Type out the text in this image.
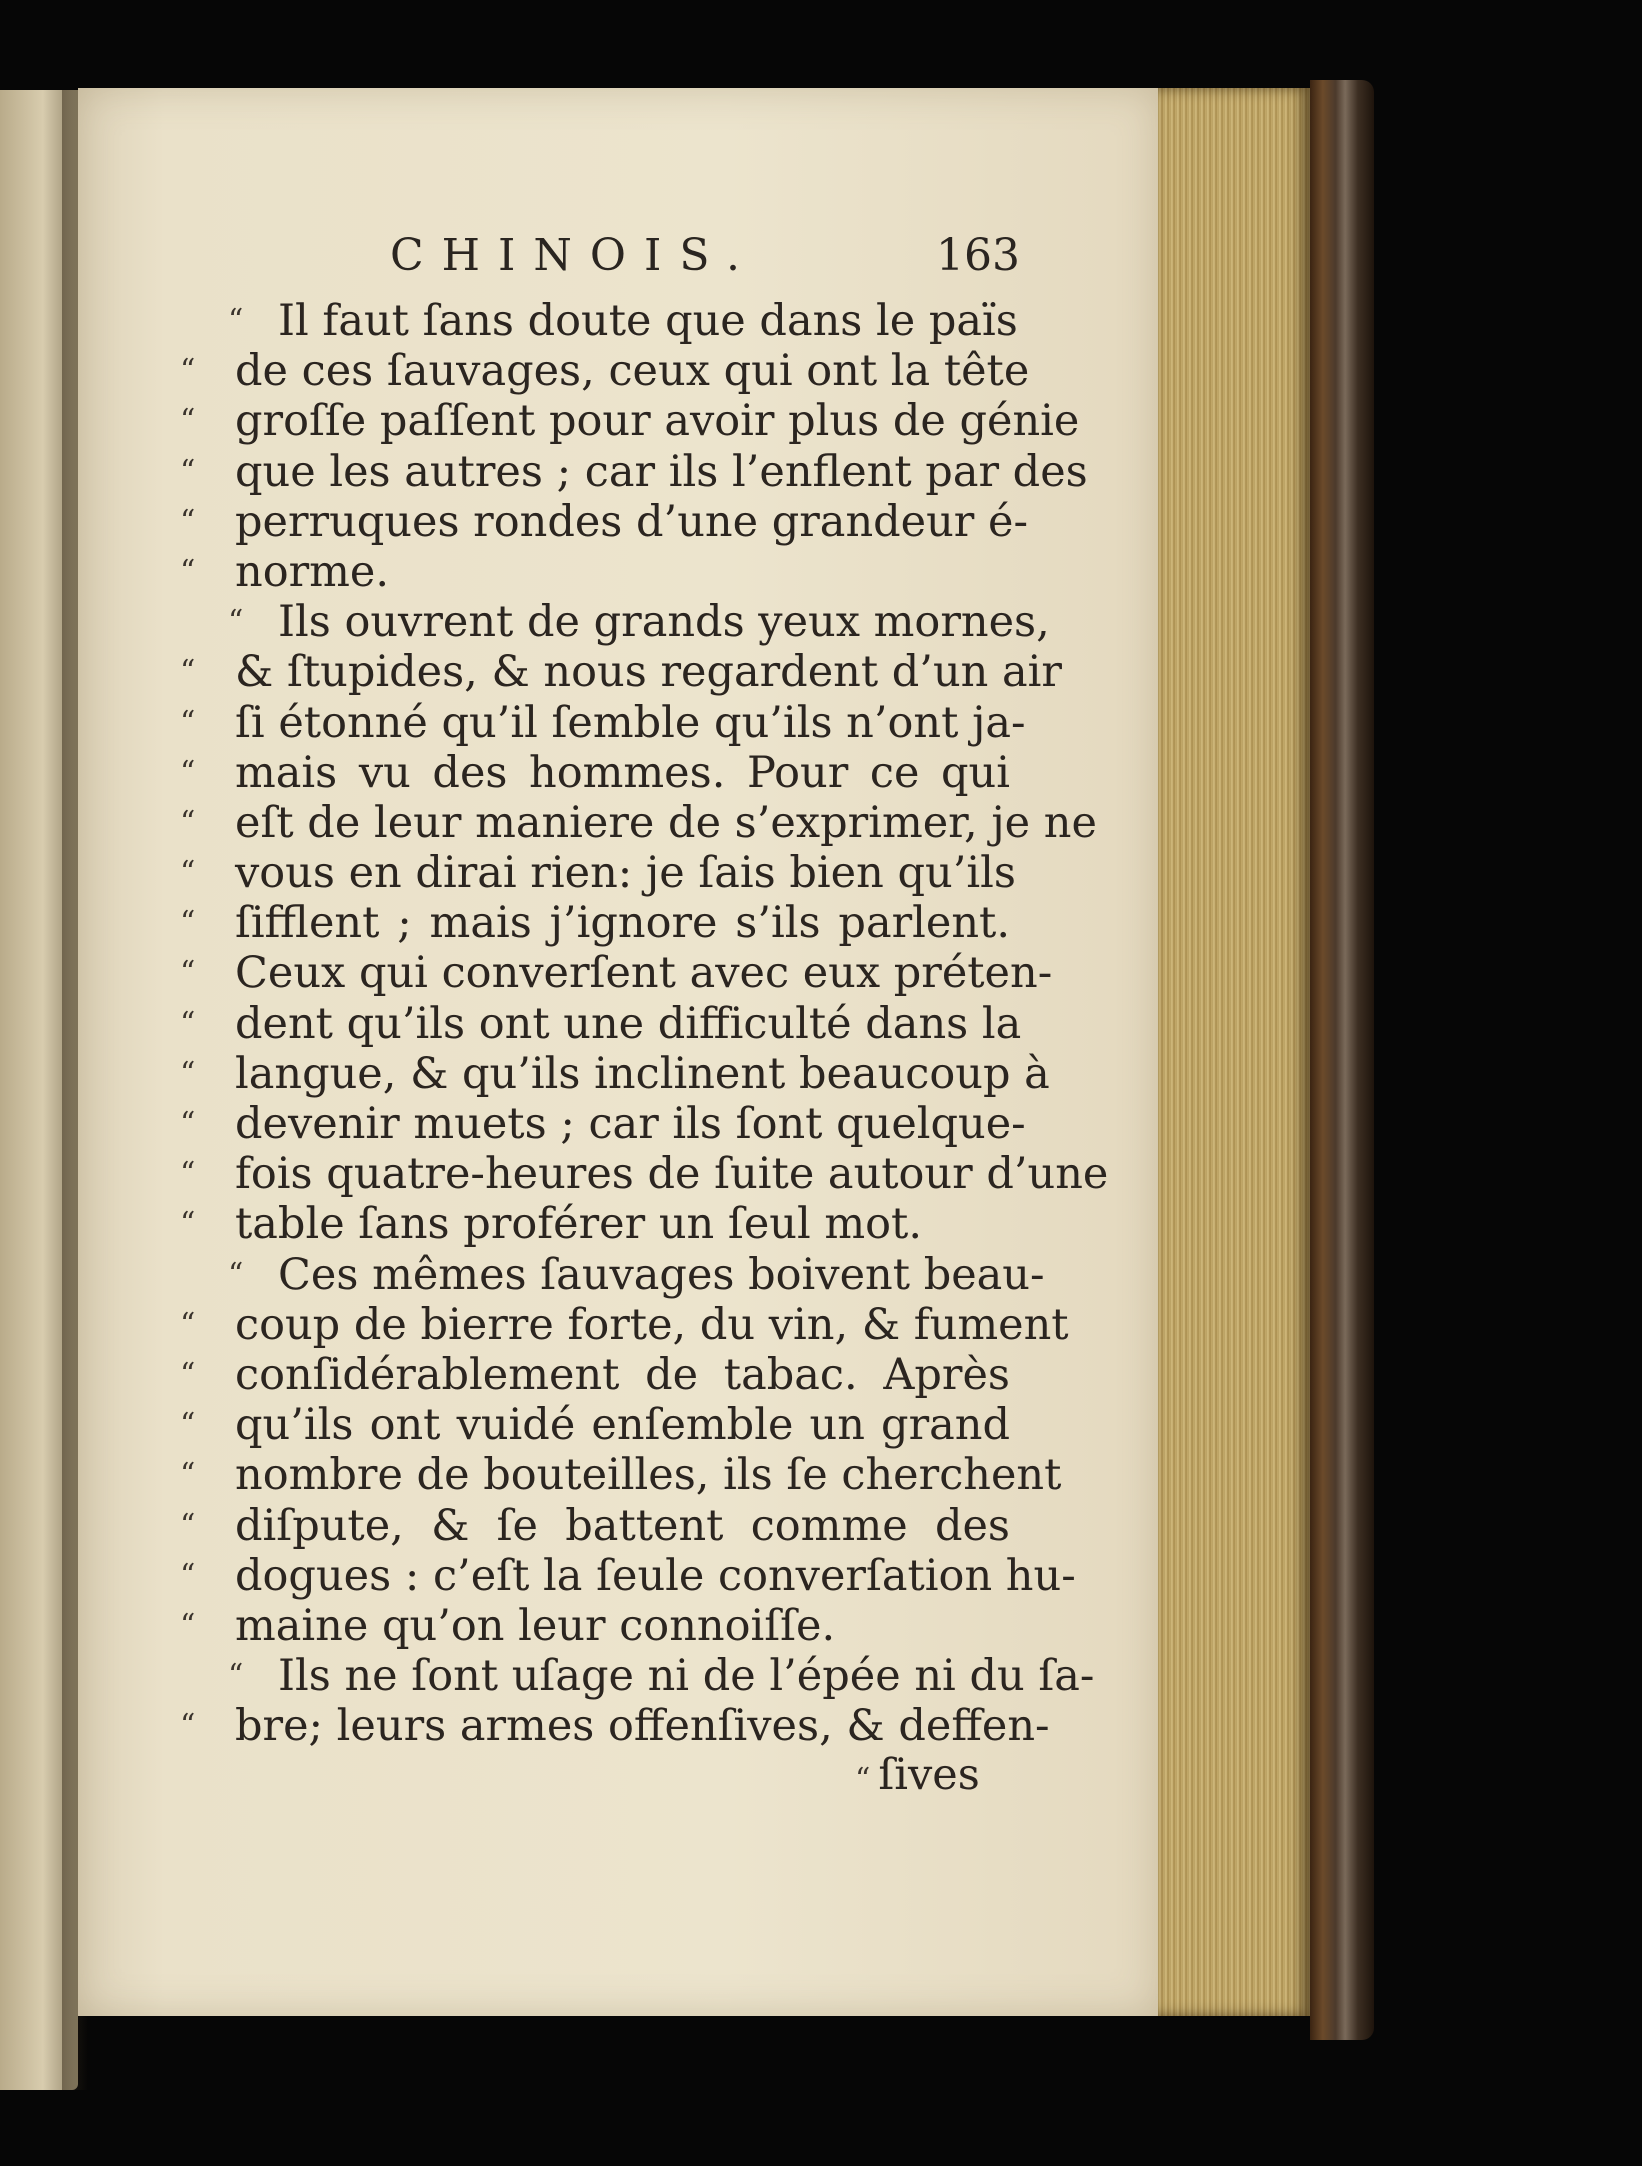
CHINOIS.	163
“ Il faut ſans doute que dans le païs
“ de ces ſauvages, ceux qui ont la tête
“ groſſe paſſent pour avoir plus de génie
“ que les autres ; car ils l’enflent par des
“ perruques rondes d’une grandeur é-
“ norme.
“ Ils ouvrent de grands yeux mornes,
“ & ſtupides, & nous regardent d’un air
“ ſi étonné qu’il ſemble qu’ils n’ont ja-
“ mais vu des hommes. Pour ce qui
“ eſt de leur maniere de s’exprimer, je ne
“ vous en dirai rien: je ſais bien qu’ils
“ ſifflent ; mais j’ignore s’ils parlent.
“ Ceux qui converſent avec eux préten-
“ dent qu’ils ont une difficulté dans la
“ langue, & qu’ils inclinent beaucoup à
“ devenir muets ; car ils ſont quelque-
“ fois quatre-heures de ſuite autour d’une
“ table ſans proférer un ſeul mot.
“ Ces mêmes ſauvages boivent beau-
“ coup de bierre forte, du vin, & fument
“ conſidérablement de tabac. Après
“ qu’ils ont vuidé enſemble un grand
“ nombre de bouteilles, ils ſe cherchent
“ diſpute, & ſe battent comme des
“ dogues : c’eſt la ſeule converſation hu-
“ maine qu’on leur connoiſſe.
“ Ils ne ſont uſage ni de l’épée ni du ſa-
“ bre; leurs armes offenſives, & deffen-
“ ſives
